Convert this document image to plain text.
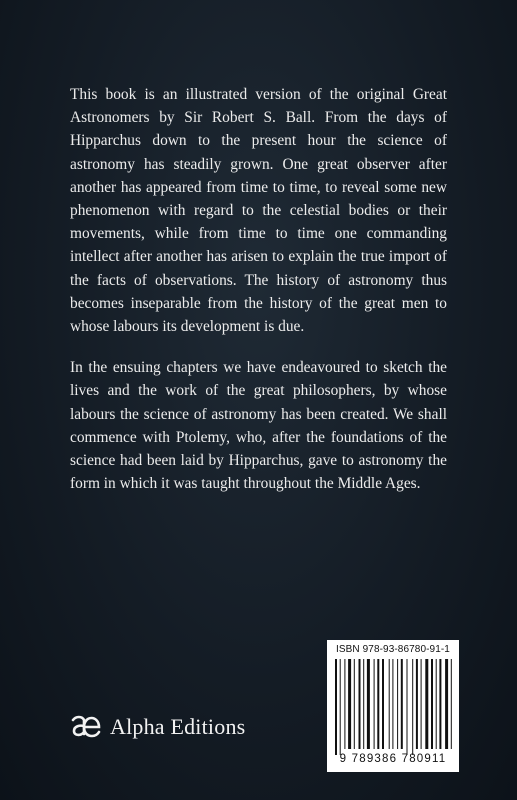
This book is an illustrated version of the original Great Astronomers by Sir Robert S. Ball. From the days of Hipparchus down to the present hour the science of astronomy has steadily grown. One great observer after another has appeared from time to time, to reveal some new phenomenon with regard to the celestial bodies or their movements, while from time to time one commanding intellect after another has arisen to explain the true import of the facts of observations. The history of astronomy thus becomes inseparable from the history of the great men to whose labours its development is due.

In the ensuing chapters we have endeavoured to sketch the lives and the work of the great philosophers, by whose labours the science of astronomy has been created. We shall commence with Ptolemy, who, after the foundations of the science had been laid by Hipparchus, gave to astronomy the form in which it was taught throughout the Middle Ages.

Alpha Editions
ISBN 978-93-86780-91-1
9 789386 780911
